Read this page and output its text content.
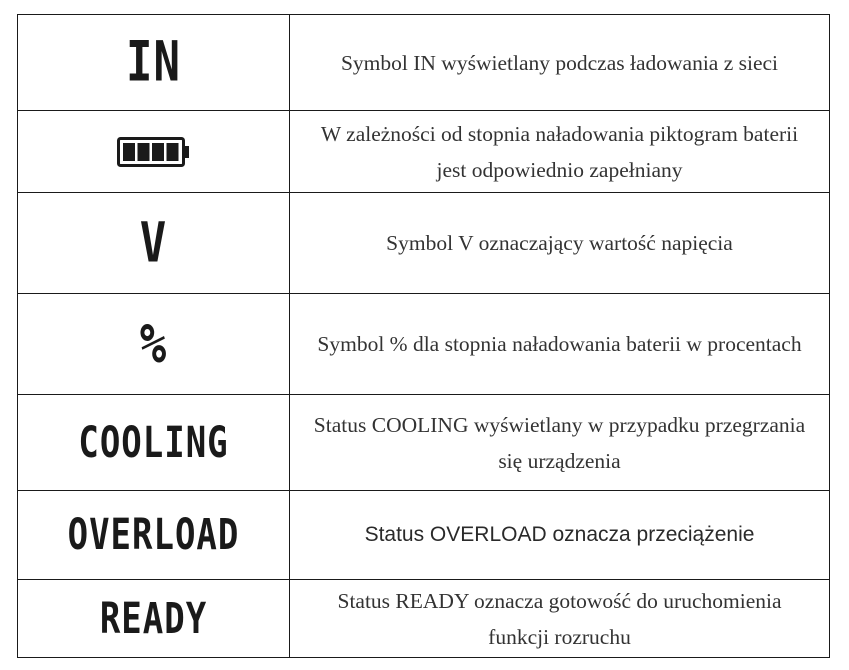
IN	Symbol IN wyświetlany podczas ładowania z sieci

W zależności od stopnia naładowania piktogram baterii
jest odpowiednio zapełniany

V	Symbol V oznaczający wartość napięcia
%	Symbol % dla stopnia naładowania baterii w procentach
COOLING	Status COOLING wyświetlany w przypadku przegrzania
się urządzenia

OVERLOAD	Status OVERLOAD oznacza przeciążenie
READY	Status READY oznacza gotowość do uruchomienia
funkcji rozruchu
